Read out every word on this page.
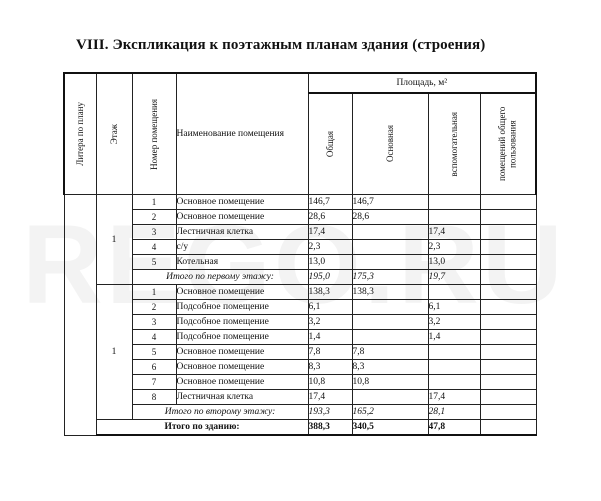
VIII. Экспликация к поэтажным планам здания (строения)
Литера по плану	Этаж	Номер помещения	Наименование помещения	Площадь, м²			

				Общая	Основная	вспомогательная	помещений общего пользования

	1	1	Основное помещение	146,7	146,7		
		2	Основное помещение	28,6	28,6		
		3	Лестничная клетка	17,4		17,4	
		4	с/у	2,3		2,3	
		5	Котельная	13,0		13,0	
		Итого по первому этажу:		195,0	175,3	19,7	
	1	1	Основное помещение	138,3	138,3		
		2	Подсобное помещение	6,1		6,1	
		3	Подсобное помещение	3,2		3,2	
		4	Подсобное помещение	1,4		1,4	
		5	Основное помещение	7,8	7,8		
		6	Основное помещение	8,3	8,3		
		7	Основное помещение	10,8	10,8		
		8	Лестничная клетка	17,4		17,4	
		Итого по второму этажу:		193,3	165,2	28,1	
	Итого по зданию:			388,3	340,5	47,8	
